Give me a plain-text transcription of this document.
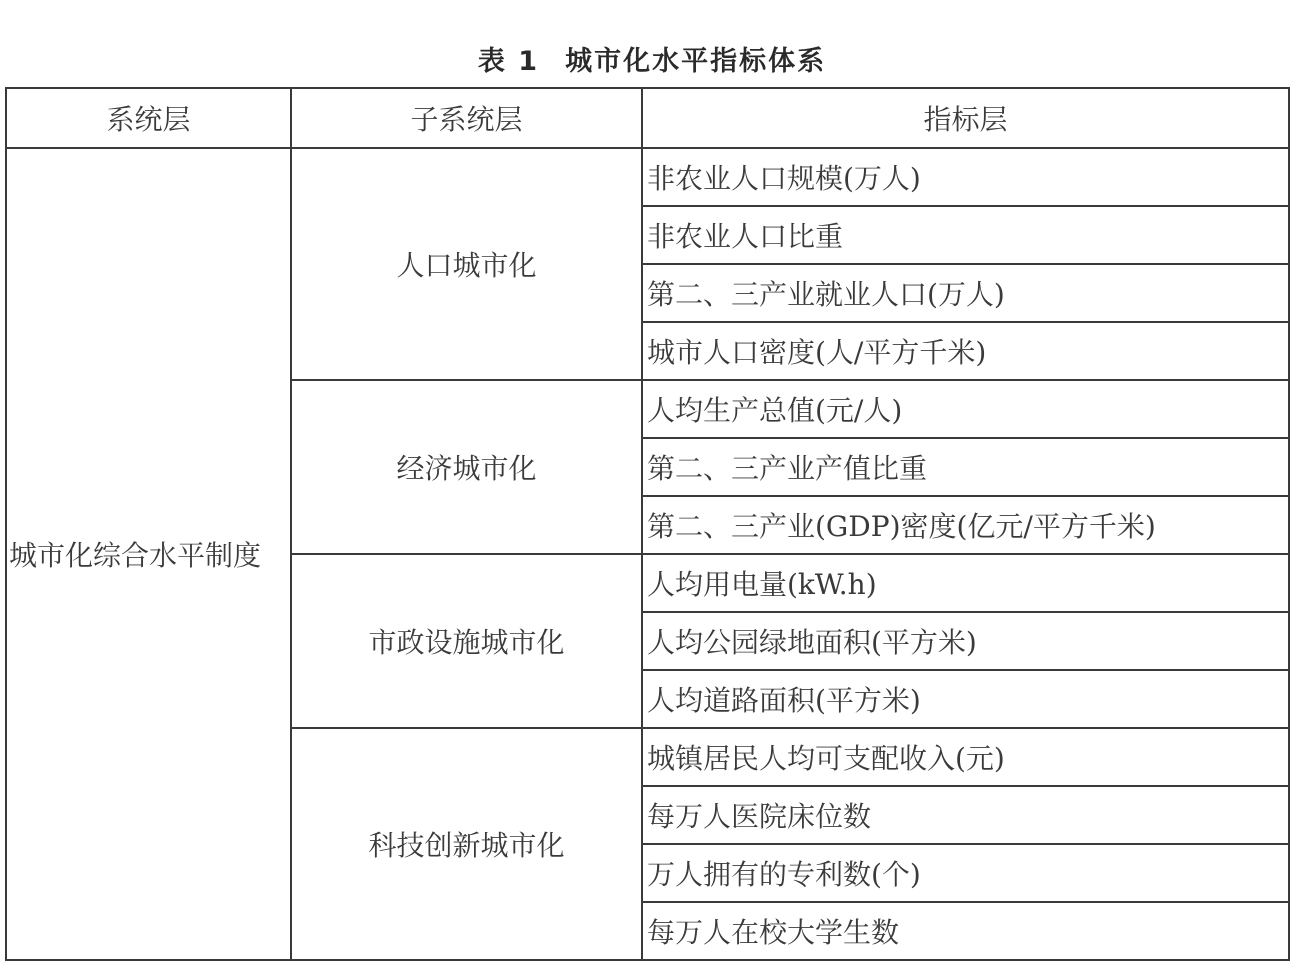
表 1 城市化水平指标体系
系统层	子系统层	指标层
城市化综合水平制度	人口城市化	非农业人口规模(万人)
		非农业人口比重
		第二、三产业就业人口(万人)
		城市人口密度(人/平方千米)
	经济城市化	人均生产总值(元/人)
		第二、三产业产值比重
		第二、三产业(GDP)密度(亿元/平方千米)
	市政设施城市化	人均用电量(kW.h)
		人均公园绿地面积(平方米)
		人均道路面积(平方米)
	科技创新城市化	城镇居民人均可支配收入(元)
		每万人医院床位数
		万人拥有的专利数(个)
		每万人在校大学生数
